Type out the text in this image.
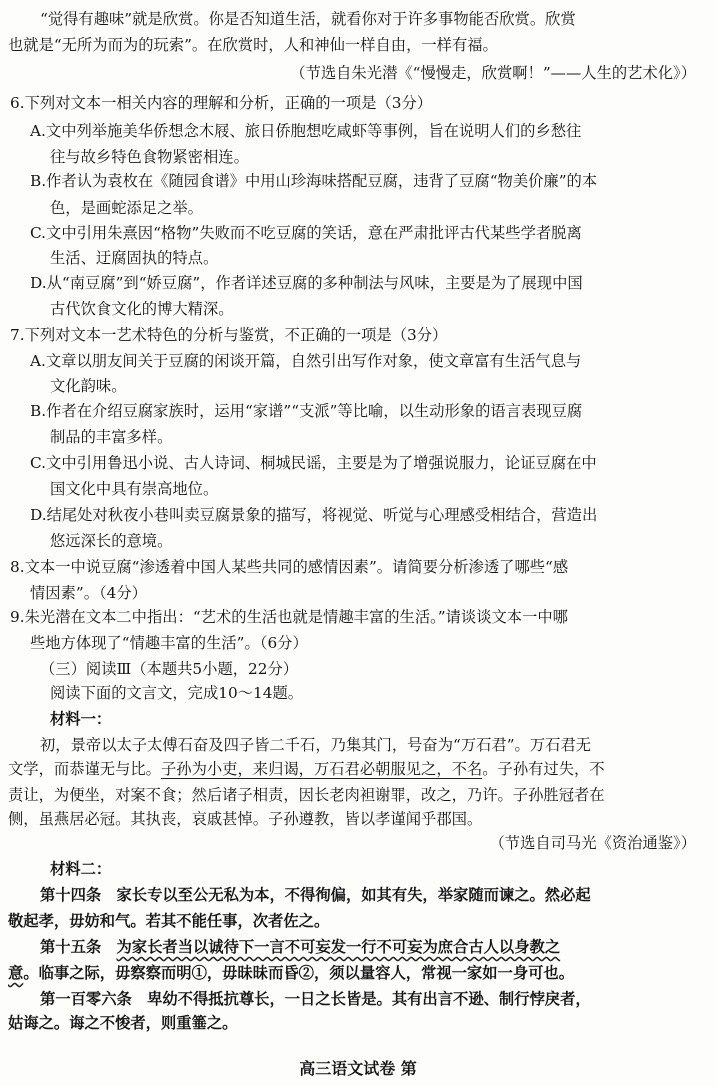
“觉得有趣味”就是欣赏。你是否知道生活，就看你对于许多事物能否欣赏。欣赏
也就是“无所为而为的玩索”。在欣赏时，人和神仙一样自由，一样有福。
（节选自朱光潜《“慢慢走，欣赏啊！”——人生的艺术化》）
6.下列对文本一相关内容的理解和分析，正确的一项是（3分）
A.文中列举施美华侨想念木屐、旅日侨胞想吃咸虾等事例，旨在说明人们的乡愁往
往与故乡特色食物紧密相连。
B.作者认为袁枚在《随园食谱》中用山珍海味搭配豆腐，违背了豆腐“物美价廉”的本
色，是画蛇添足之举。
C.文中引用朱熹因“格物”失败而不吃豆腐的笑话，意在严肃批评古代某些学者脱离
生活、迂腐固执的特点。
D.从“南豆腐”到“娇豆腐”，作者详述豆腐的多种制法与风味，主要是为了展现中国
古代饮食文化的博大精深。
7.下列对文本一艺术特色的分析与鉴赏，不正确的一项是（3分）
A.文章以朋友间关于豆腐的闲谈开篇，自然引出写作对象，使文章富有生活气息与
文化韵味。
B.作者在介绍豆腐家族时，运用“家谱”“支派”等比喻，以生动形象的语言表现豆腐
制品的丰富多样。
C.文中引用鲁迅小说、古人诗词、桐城民谣，主要是为了增强说服力，论证豆腐在中
国文化中具有崇高地位。
D.结尾处对秋夜小巷叫卖豆腐景象的描写，将视觉、听觉与心理感受相结合，营造出
悠远深长的意境。
8.文本一中说豆腐“渗透着中国人某些共同的感情因素”。请简要分析渗透了哪些“感
情因素”。（4分）
9.朱光潜在文本二中指出：“艺术的生活也就是情趣丰富的生活。”请谈谈文本一中哪
些地方体现了“情趣丰富的生活”。（6分）
（三）阅读Ⅲ（本题共5小题，22分）
阅读下面的文言文，完成10～14题。
材料一：
初，景帝以太子太傅石奋及四子皆二千石，乃集其门，号奋为“万石君”。万石君无
文学，而恭谨无与比。子孙为小吏，来归谒，万石君必朝服见之，不名。子孙有过失，不
责让，为便坐，对案不食；然后诸子相责，因长老肉袒谢罪，改之，乃许。子孙胜冠者在
侧，虽燕居必冠。其执丧，哀戚甚悼。子孙遵教，皆以孝谨闻乎郡国。
（节选自司马光《资治通鉴》）
材料二：
第十四条　家长专以至公无私为本，不得徇偏，如其有失，举家随而谏之。然必起
敬起孝，毋妨和气。若其不能任事，次者佐之。
第十五条　为家长者当以诚待下一言不可妄发一行不可妄为庶合古人以身教之
意。临事之际，毋察察而明①，毋昧昧而昏②，须以量容人，常视一家如一身可也。
第一百零六条　卑幼不得抵抗尊长，一日之长皆是。其有出言不逊、制行悖戾者，
姑诲之。诲之不悛者，则重箠之。
高三语文试卷 第
